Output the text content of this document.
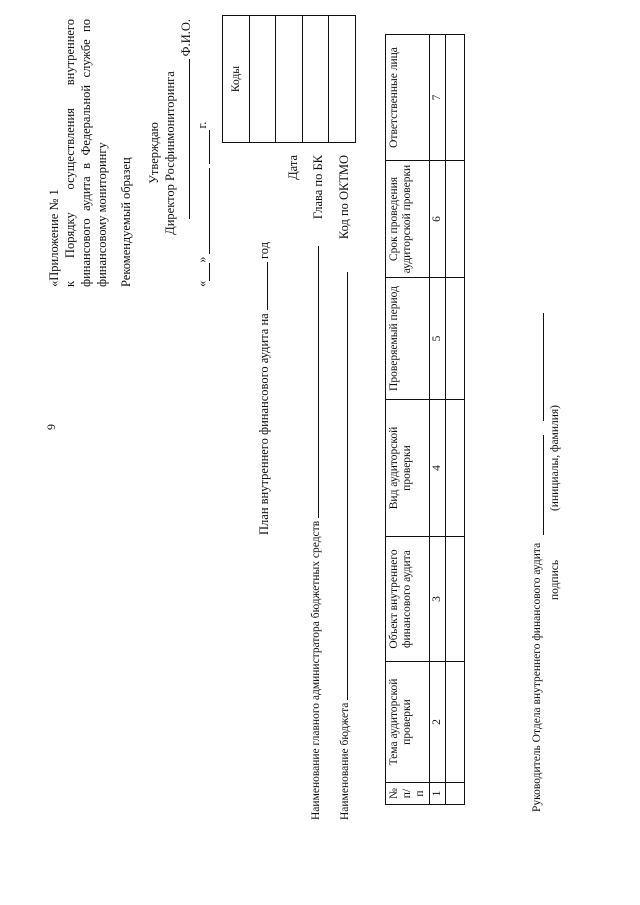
9
«Приложение № 1 к Порядку осуществления внутреннего финансового аудита в Федеральной службе по финансовому мониторингу Рекомендуемый образец
Утверждаю Директор Росфинмониторинга
Ф.И.О.
«
»
г.
Коды

Дата Глава по БК Код по ОКТМО
План внутреннего финансового аудита на  год
Наименование главного администратора бюджетных средств Наименование бюджета	№ п/п	Тема аудиторской проверки	Объект внутреннего финансового аудита	Вид аудиторской проверки	Проверяемый период	Срок проведения аудиторской проверки	Ответственные лица
1	2	3	4	5	6	7

Руководитель Отдела внутреннего финансового аудита подпись (инициалы, фамилия)
